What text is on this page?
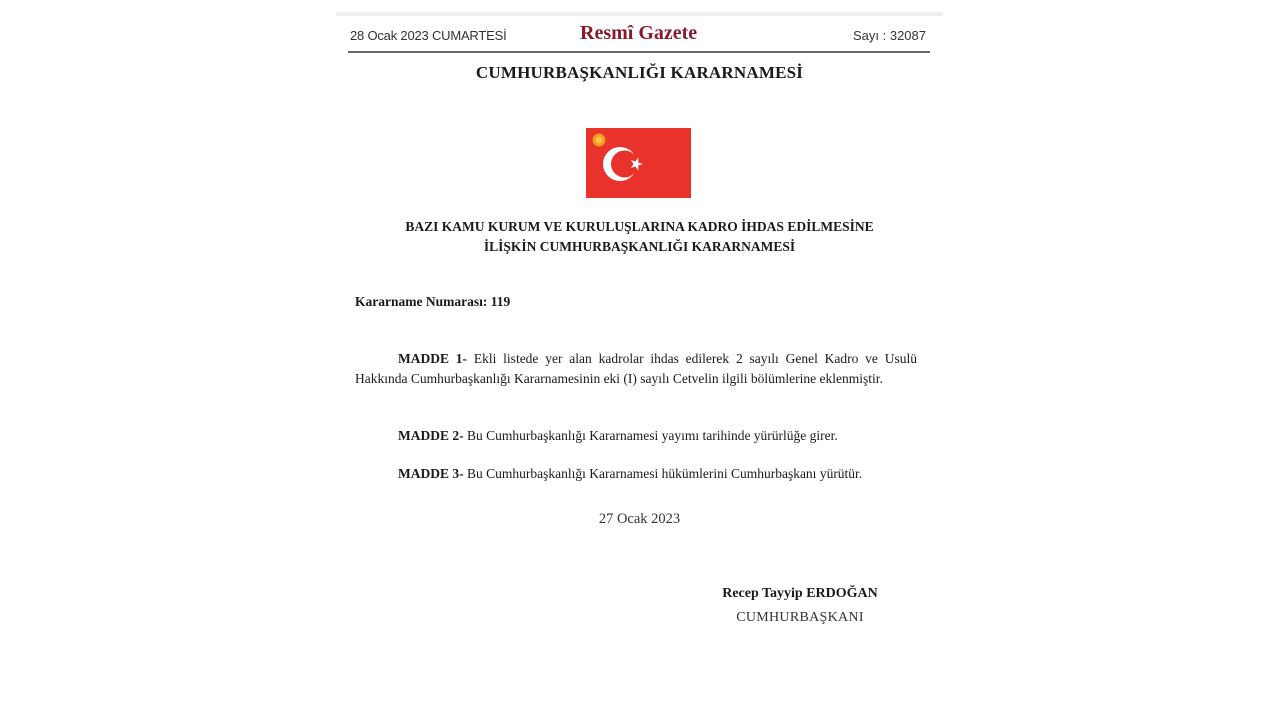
28 Ocak 2023 CUMARTESİ	Resmî Gazete	Sayı : 32087
CUMHURBAŞKANLIĞI KARARNAMESİ
BAZI KAMU KURUM VE KURULUŞLARINA KADRO İHDAS EDİLMESİNE
İLİŞKİN CUMHURBAŞKANLIĞI KARARNAMESİ
Kararname Numarası: 119
MADDE 1- Ekli listede yer alan kadrolar ihdas edilerek 2 sayılı Genel Kadro ve Usulü Hakkında Cumhurbaşkanlığı Kararnamesinin eki (I) sayılı Cetvelin ilgili bölümlerine eklenmiştir.
MADDE 2- Bu Cumhurbaşkanlığı Kararnamesi yayımı tarihinde yürürlüğe girer.
MADDE 3- Bu Cumhurbaşkanlığı Kararnamesi hükümlerini Cumhurbaşkanı yürütür.
27 Ocak 2023
Recep Tayyip ERDOĞAN
CUMHURBAŞKANI
